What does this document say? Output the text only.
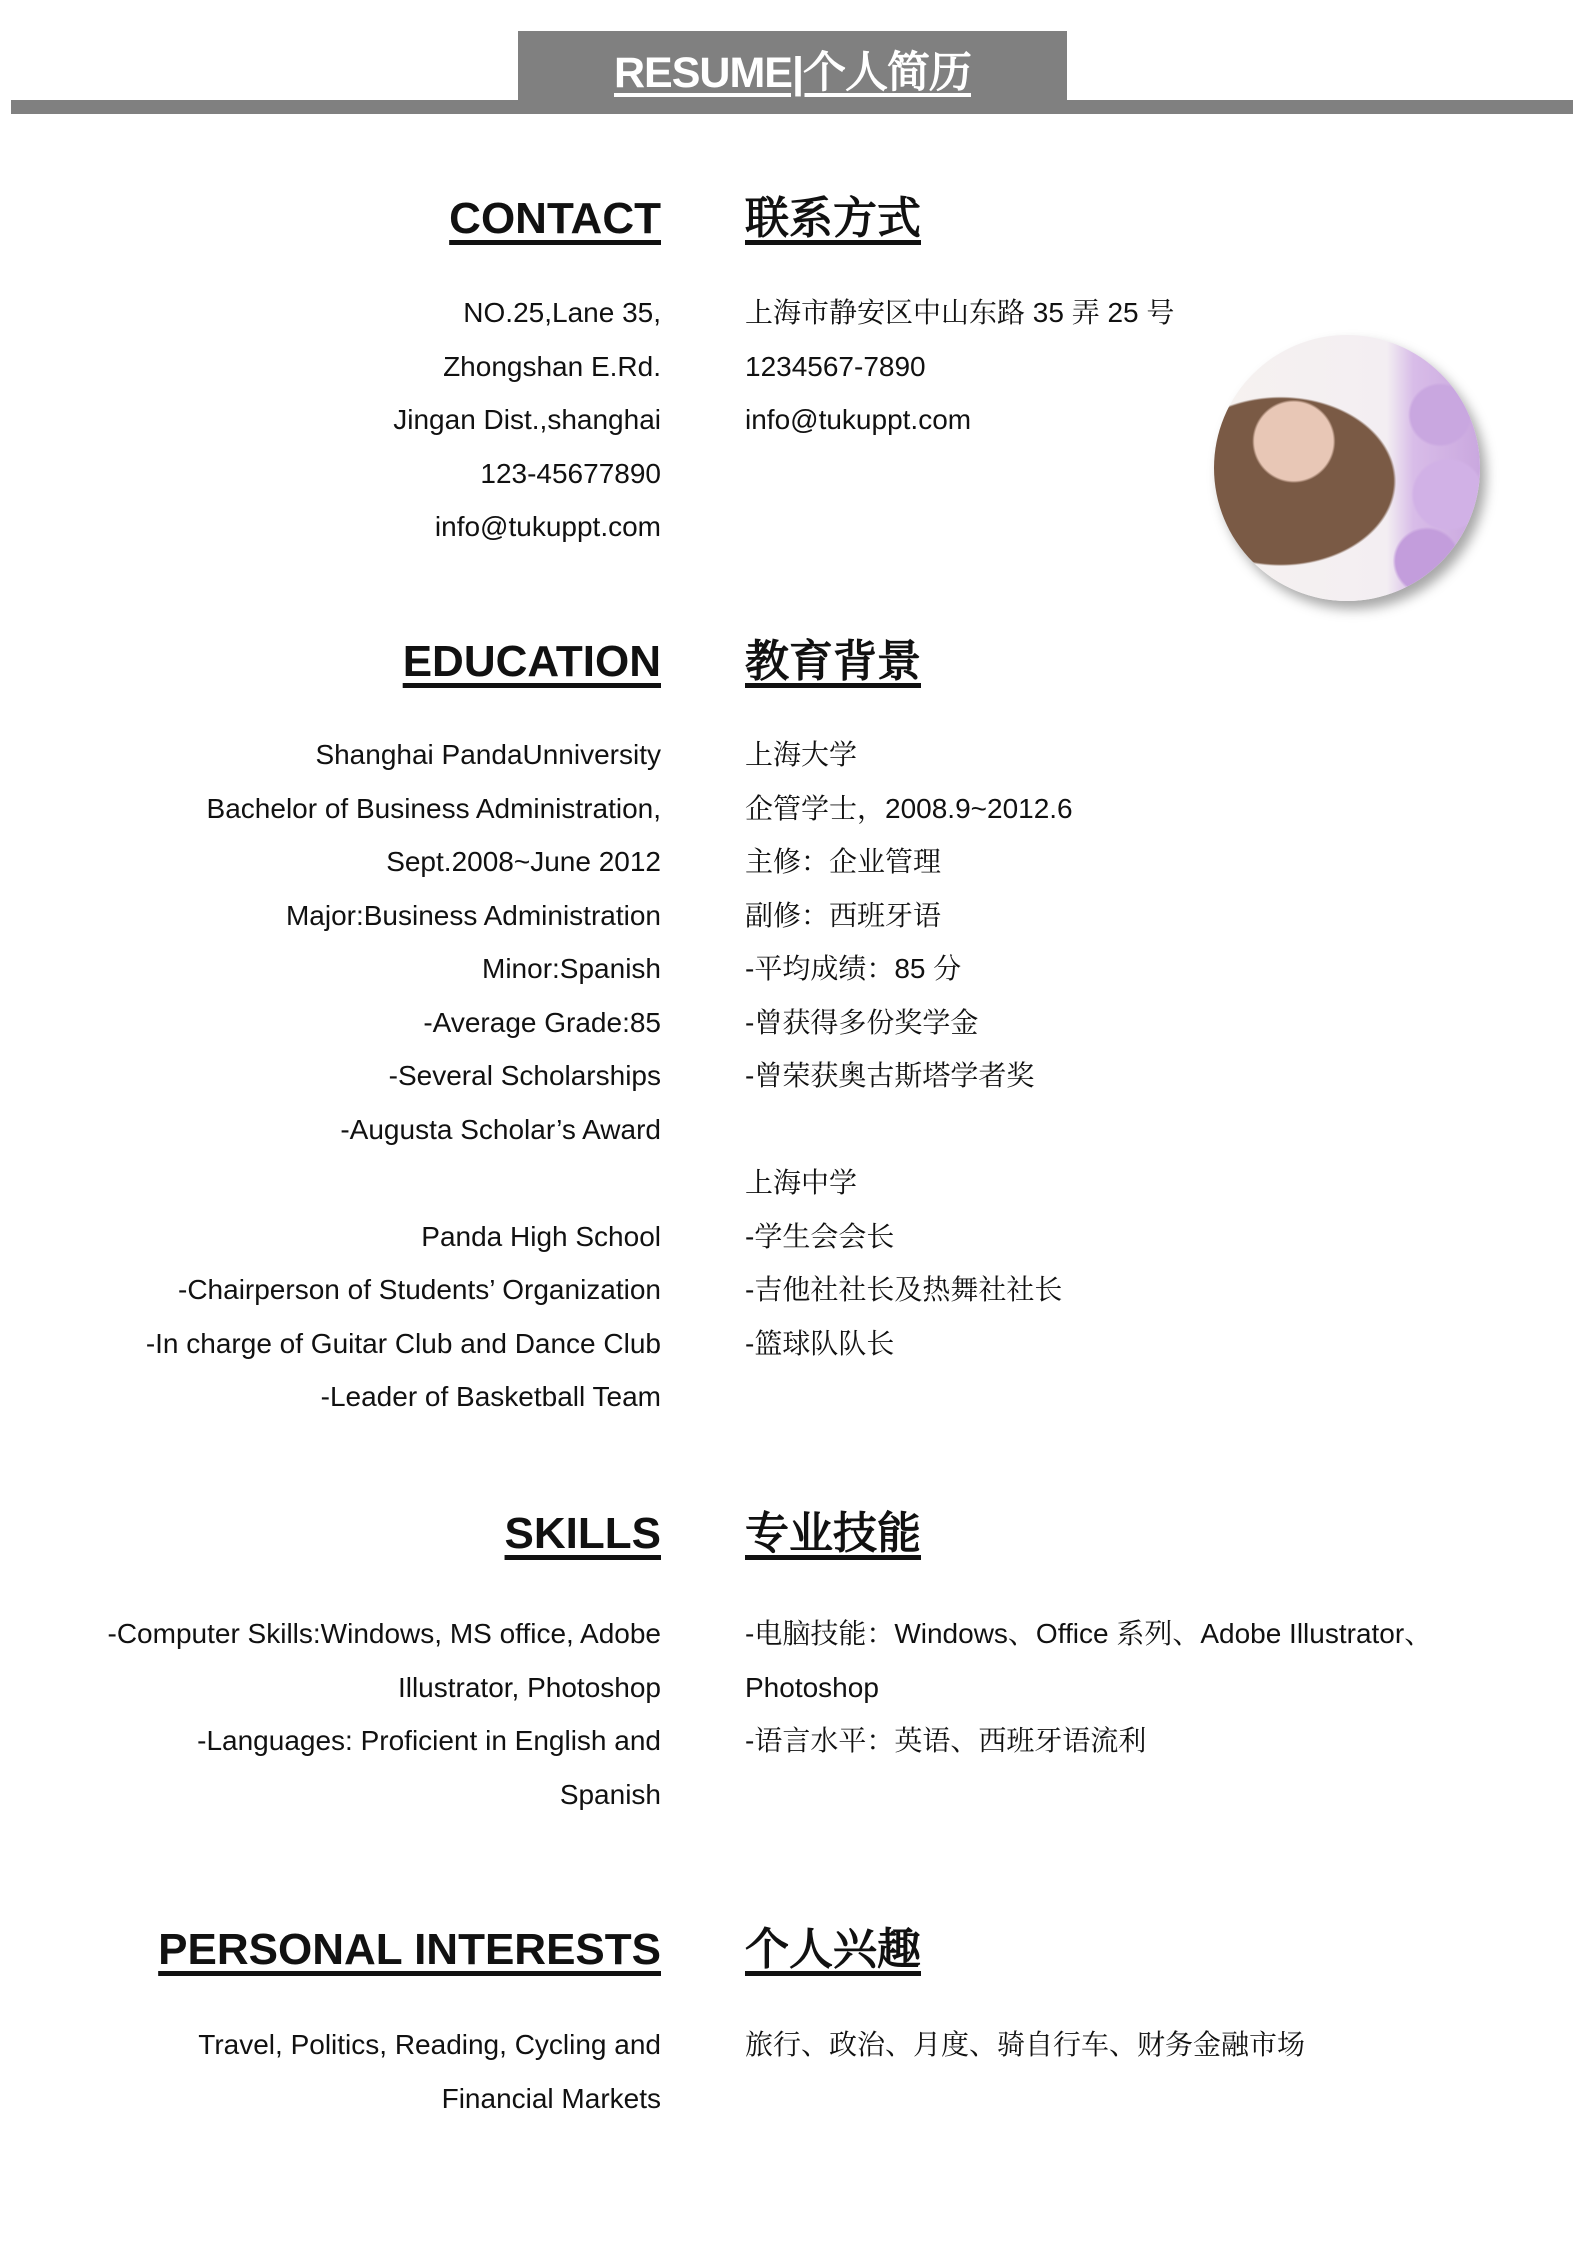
RESUME|个人简历
CONTACT 联系方式
NO.25,Lane 35,
Zhongshan E.Rd.
Jingan Dist.,shanghai
123-45677890
info@tukuppt.com
上海市静安区中山东路 35 弄 25 号
1234567-7890
info@tukuppt.com
EDUCATION 教育背景
Shanghai PandaUnniversity
Bachelor of Business Administration,
Sept.2008~June 2012
Major:Business Administration
Minor:Spanish
-Average Grade:85
-Several Scholarships
-Augusta Scholar’s Award
Panda High School
-Chairperson of Students’ Organization
-In charge of Guitar Club and Dance Club
-Leader of Basketball Team
上海大学
企管学士，2008.9~2012.6
主修：企业管理
副修：西班牙语
-平均成绩：85 分
-曾获得多份奖学金
-曾荣获奥古斯塔学者奖
上海中学
-学生会会长
-吉他社社长及热舞社社长
-篮球队队长
SKILLS 专业技能
-Computer Skills:Windows, MS office, Adobe
Illustrator, Photoshop
-Languages: Proficient in English and
Spanish
-电脑技能：Windows、Office 系列、Adobe Illustrator、
Photoshop
-语言水平：英语、西班牙语流利
PERSONAL INTERESTS 个人兴趣
Travel, Politics, Reading, Cycling and
Financial Markets
旅行、政治、月度、骑自行车、财务金融市场
